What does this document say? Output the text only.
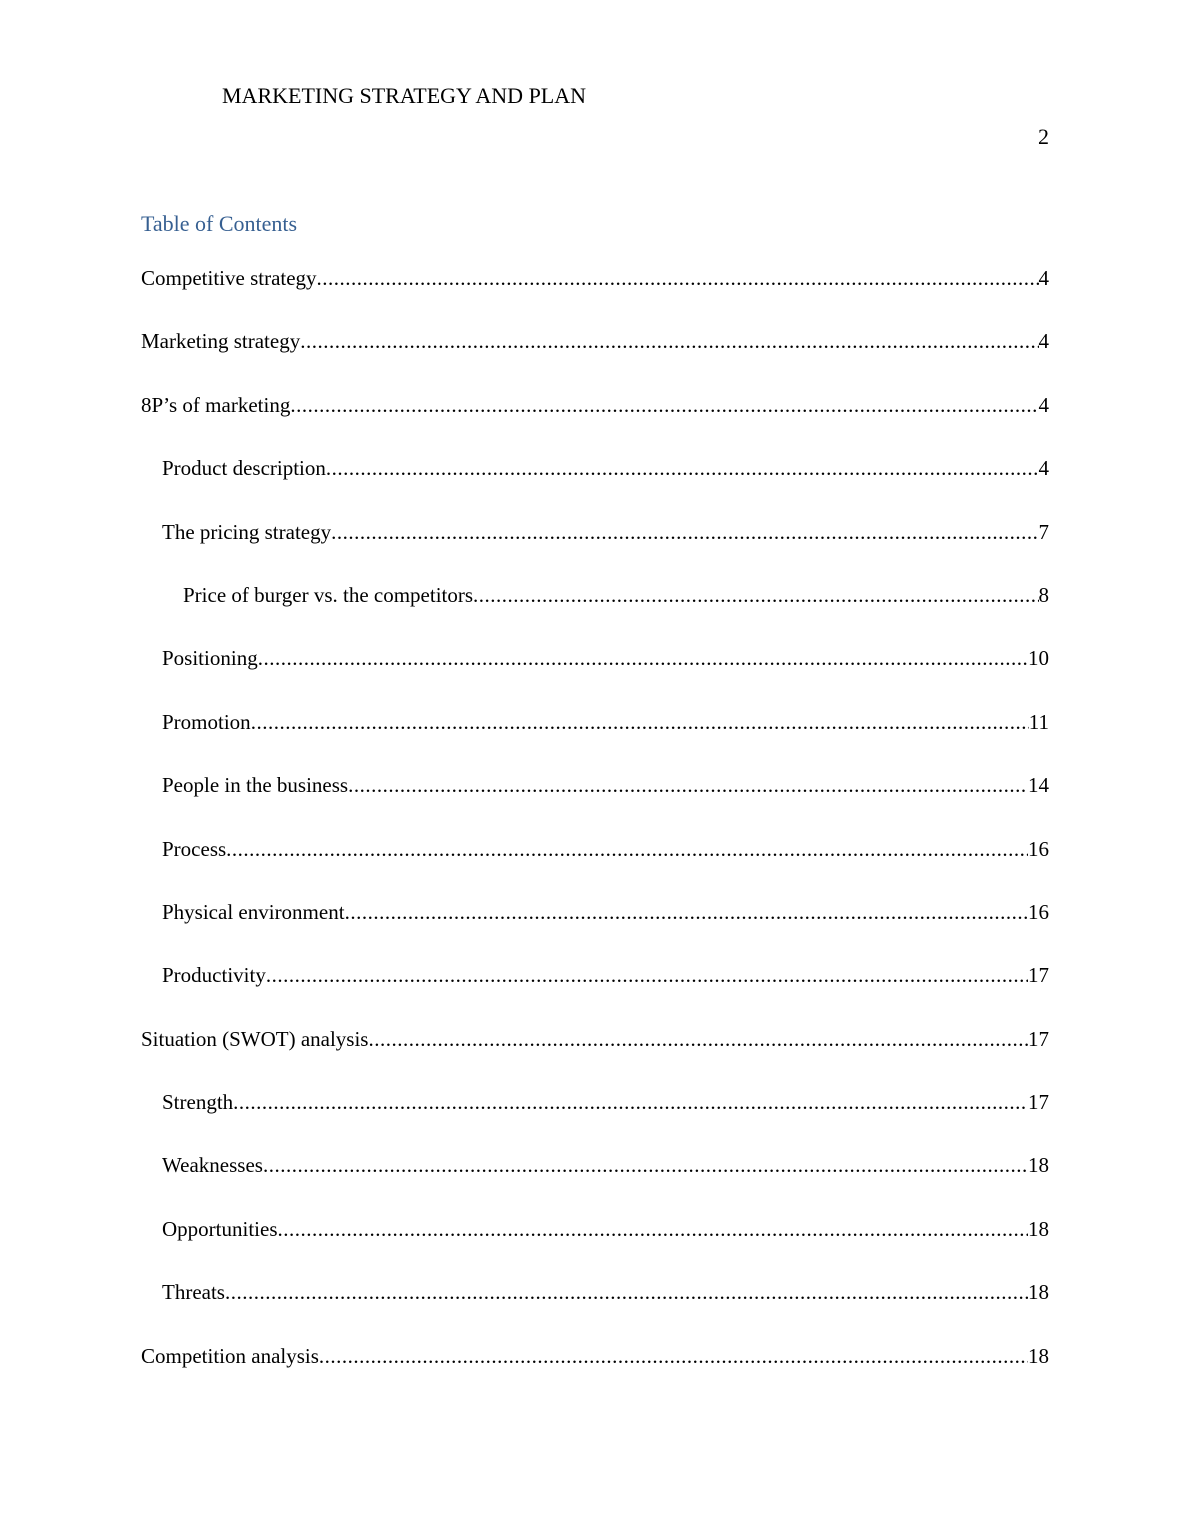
MARKETING STRATEGY AND PLAN
2
Table of Contents
Competitive strategy .....	4
Marketing strategy .....	4
8P’s of marketing .....	4
Product description .....	4
The pricing strategy .....	7
Price of burger vs. the competitors .....	8
Positioning .....	10
Promotion .....	11
People in the business .....	14
Process .....	16
Physical environment .....	16
Productivity .....	17
Situation (SWOT) analysis .....	17
Strength .....	17
Weaknesses .....	18
Opportunities .....	18
Threats .....	18
Competition analysis .....	18
